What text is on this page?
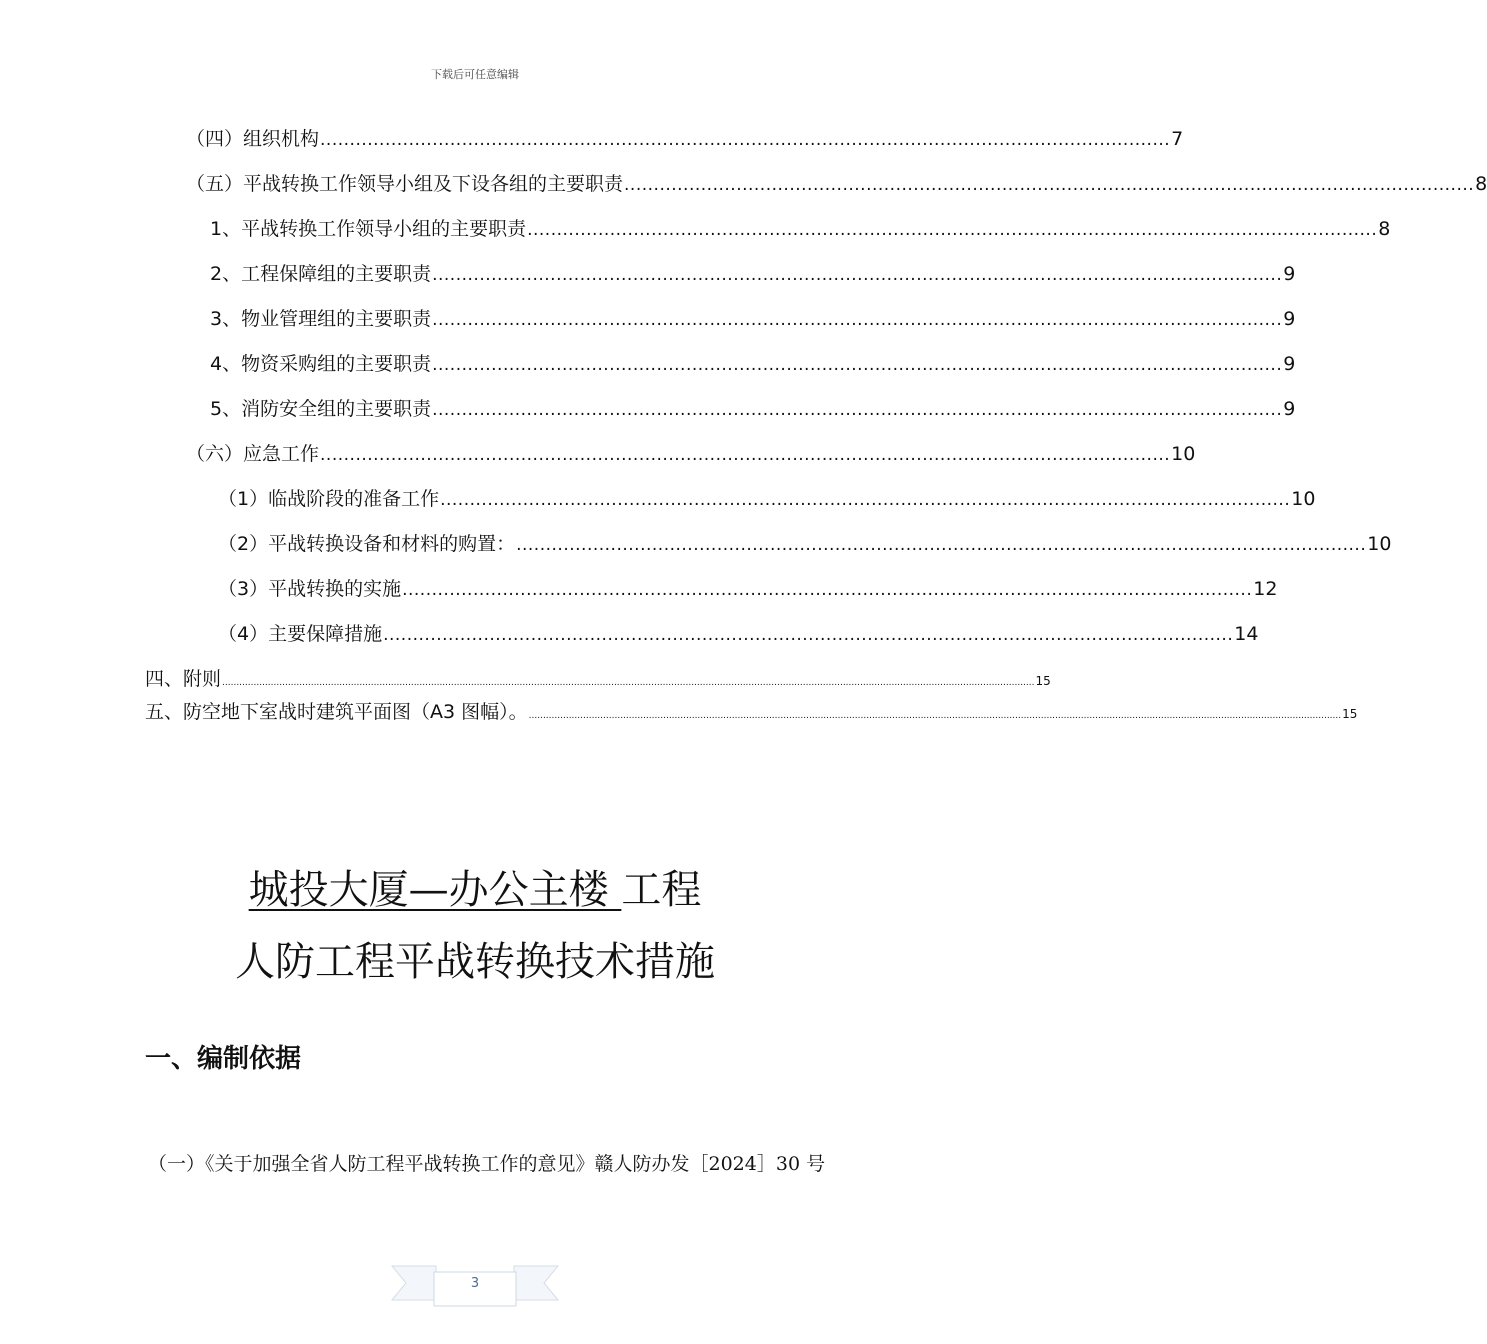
下载后可任意编辑
（四）组织机构 ................................................................................................................................................ 7
（五）平战转换工作领导小组及下设各组的主要职责 ................................................................................................................................................ 8
1、平战转换工作领导小组的主要职责 ................................................................................................................................................ 8
2、工程保障组的主要职责 ................................................................................................................................................ 9
3、物业管理组的主要职责 ................................................................................................................................................ 9
4、物资采购组的主要职责 ................................................................................................................................................ 9
5、消防安全组的主要职责 ................................................................................................................................................ 9
（六）应急工作 ................................................................................................................................................ 10
（1）临战阶段的准备工作 ................................................................................................................................................ 10
（2）平战转换设备和材料的购置： ................................................................................................................................................ 10
（3）平战转换的实施 ................................................................................................................................................ 12
（4）主要保障措施 ................................................................................................................................................ 14
四、附则 ............................................................................................................................................................................................................................................................................................ 15
五、防空地下室战时建筑平面图（A3 图幅）。 ............................................................................................................................................................................................................................................................................................ 15
城投大厦—办公主楼 工程
人防工程平战转换技术措施
一、编制依据
（一）《关于加强全省人防工程平战转换工作的意见》赣人防办发［2024］30 号
3
